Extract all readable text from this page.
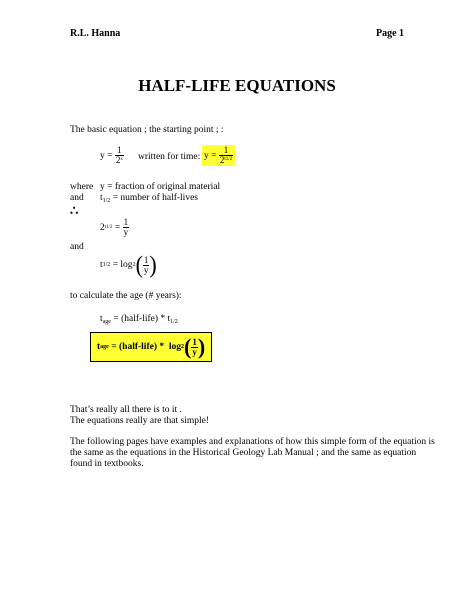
R.L. Hanna	Page 1
HALF-LIFE EQUATIONS
The basic equation ; the starting point ; :
y
=
$\frac{1}{2^x}$ written for time: y
=
$\frac{1}{2^{t1/2}}$
where y = fraction of original material
and $t_{1/2}$ = number of half-lives
∴
2 t1/2
=
$\frac{1}{y}$
and
t 1/2
= log 2 ( $\frac{1}{y}$ )
to calculate the age (# years):
$t_{age}$ = (half-life) * $t_{1/2}$
t age = (half-life) *  log 2 ( $\frac{1}{y}$ )
That’s really all there is to it .
The equations really are that simple!
The following pages have examples and explanations of how this simple form of the equation is
the same as the equations in the Historical Geology Lab Manual ; and the same as equation
found in textbooks.
